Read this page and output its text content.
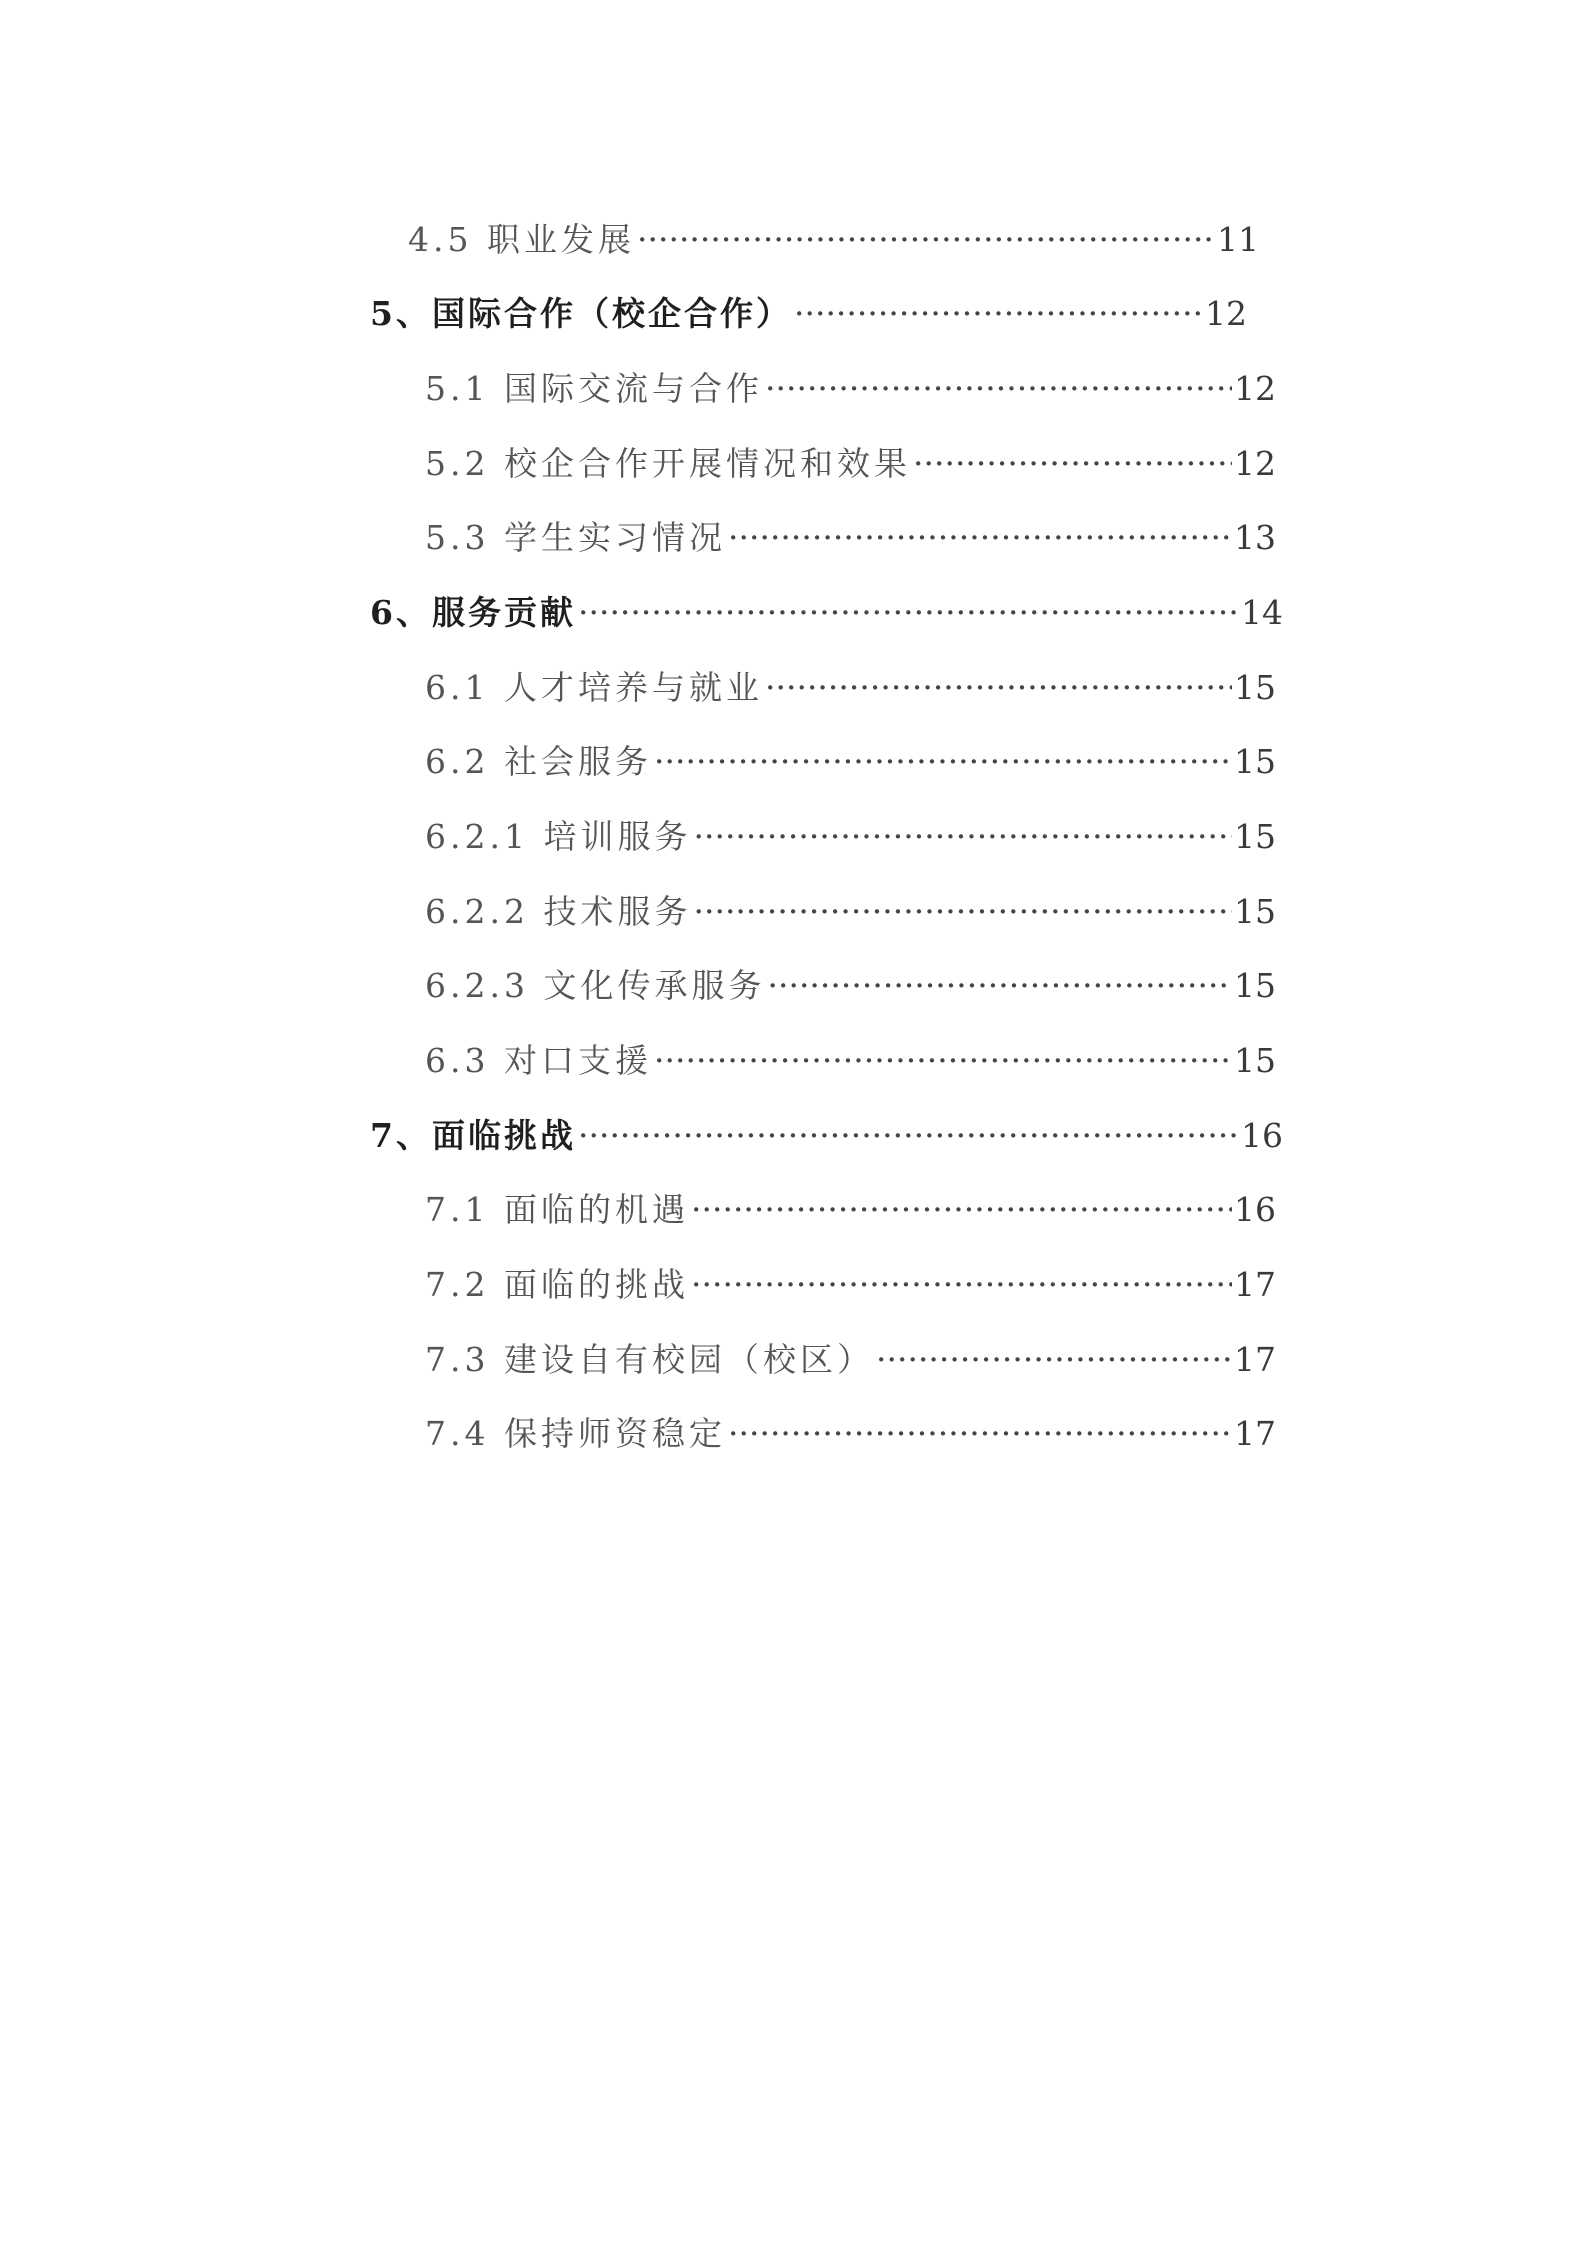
4.5 职业发展 ·····	11
5、国际合作（校企合作） ·····	12
5.1 国际交流与合作 ·····	12
5.2 校企合作开展情况和效果 ·····	12
5.3 学生实习情况 ·····	13
6、服务贡献 ·····	14
6.1 人才培养与就业 ·····	15
6.2 社会服务 ·····	15
6.2.1 培训服务 ·····	15
6.2.2 技术服务 ·····	15
6.2.3 文化传承服务 ·····	15
6.3 对口支援 ·····	15
7、面临挑战 ·····	16
7.1 面临的机遇 ·····	16
7.2 面临的挑战 ·····	17
7.3 建设自有校园（校区） ·····	17
7.4 保持师资稳定 ·····	17
